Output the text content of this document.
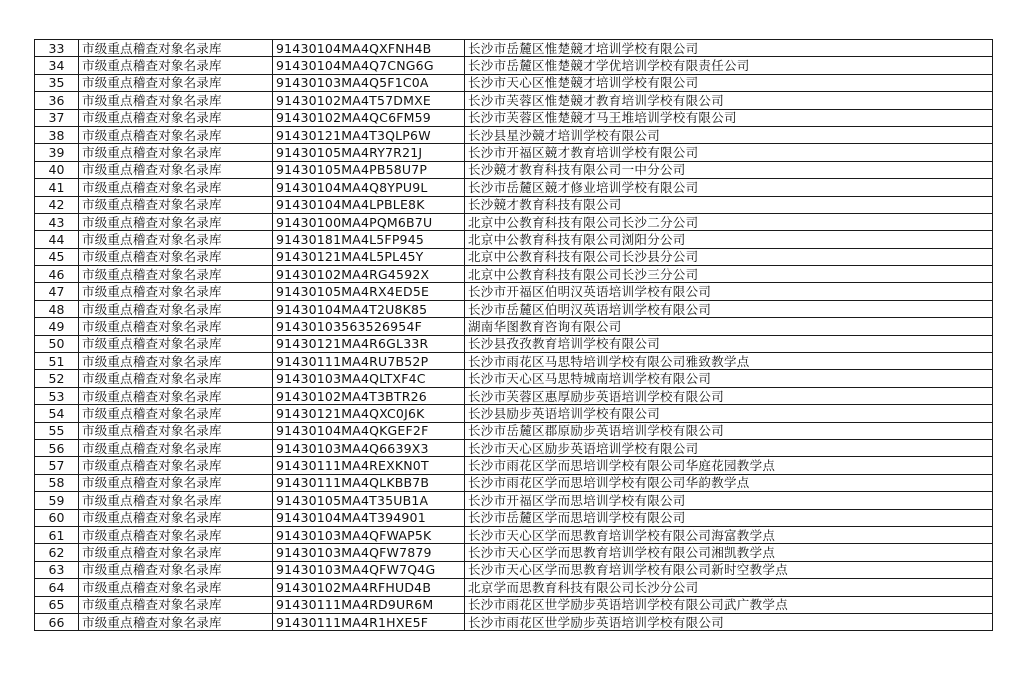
33	市级重点稽查对象名录库	91430104MA4QXFNH4B	长沙市岳麓区惟楚競才培训学校有限公司
34	市级重点稽查对象名录库	91430104MA4Q7CNG6G	长沙市岳麓区惟楚競才学优培训学校有限责任公司
35	市级重点稽查对象名录库	91430103MA4Q5F1C0A	长沙市天心区惟楚競才培训学校有限公司
36	市级重点稽查对象名录库	91430102MA4T57DMXE	长沙市芙蓉区惟楚競才教育培训学校有限公司
37	市级重点稽查对象名录库	91430102MA4QC6FM59	长沙市芙蓉区惟楚競才马王堆培训学校有限公司
38	市级重点稽查对象名录库	91430121MA4T3QLP6W	长沙县星沙競才培训学校有限公司
39	市级重点稽查对象名录库	91430105MA4RY7R21J	长沙市开福区競才教育培训学校有限公司
40	市级重点稽查对象名录库	91430105MA4PB58U7P	长沙競才教育科技有限公司一中分公司
41	市级重点稽查对象名录库	91430104MA4Q8YPU9L	长沙市岳麓区競才修业培训学校有限公司
42	市级重点稽查对象名录库	91430104MA4LPBLE8K	长沙競才教育科技有限公司
43	市级重点稽查对象名录库	91430100MA4PQM6B7U	北京中公教育科技有限公司长沙二分公司
44	市级重点稽查对象名录库	91430181MA4L5FP945	北京中公教育科技有限公司浏阳分公司
45	市级重点稽查对象名录库	91430121MA4L5PL45Y	北京中公教育科技有限公司长沙县分公司
46	市级重点稽查对象名录库	91430102MA4RG4592X	北京中公教育科技有限公司长沙三分公司
47	市级重点稽查对象名录库	91430105MA4RX4ED5E	长沙市开福区伯明汉英语培训学校有限公司
48	市级重点稽查对象名录库	91430104MA4T2U8K85	长沙市岳麓区伯明汉英语培训学校有限公司
49	市级重点稽查对象名录库	91430103563526954F	湖南华图教育咨询有限公司
50	市级重点稽查对象名录库	91430121MA4R6GL33R	长沙县孜孜教育培训学校有限公司
51	市级重点稽查对象名录库	91430111MA4RU7B52P	长沙市雨花区马思特培训学校有限公司雅致教学点
52	市级重点稽查对象名录库	91430103MA4QLTXF4C	长沙市天心区马思特城南培训学校有限公司
53	市级重点稽查对象名录库	91430102MA4T3BTR26	长沙市芙蓉区惠厚励步英语培训学校有限公司
54	市级重点稽查对象名录库	91430121MA4QXC0J6K	长沙县励步英语培训学校有限公司
55	市级重点稽查对象名录库	91430104MA4QKGEF2F	长沙市岳麓区郡原励步英语培训学校有限公司
56	市级重点稽查对象名录库	91430103MA4Q6639X3	长沙市天心区励步英语培训学校有限公司
57	市级重点稽查对象名录库	91430111MA4REXKN0T	长沙市雨花区学而思培训学校有限公司华庭花园教学点
58	市级重点稽查对象名录库	91430111MA4QLKBB7B	长沙市雨花区学而思培训学校有限公司华韵教学点
59	市级重点稽查对象名录库	91430105MA4T35UB1A	长沙市开福区学而思培训学校有限公司
60	市级重点稽查对象名录库	91430104MA4T394901	长沙市岳麓区学而思培训学校有限公司
61	市级重点稽查对象名录库	91430103MA4QFWAP5K	长沙市天心区学而思教育培训学校有限公司海富教学点
62	市级重点稽查对象名录库	91430103MA4QFW7879	长沙市天心区学而思教育培训学校有限公司湘凯教学点
63	市级重点稽查对象名录库	91430103MA4QFW7Q4G	长沙市天心区学而思教育培训学校有限公司新时空教学点
64	市级重点稽查对象名录库	91430102MA4RFHUD4B	北京学而思教育科技有限公司长沙分公司
65	市级重点稽查对象名录库	91430111MA4RD9UR6M	长沙市雨花区世学励步英语培训学校有限公司武广教学点
66	市级重点稽查对象名录库	91430111MA4R1HXE5F	长沙市雨花区世学励步英语培训学校有限公司
